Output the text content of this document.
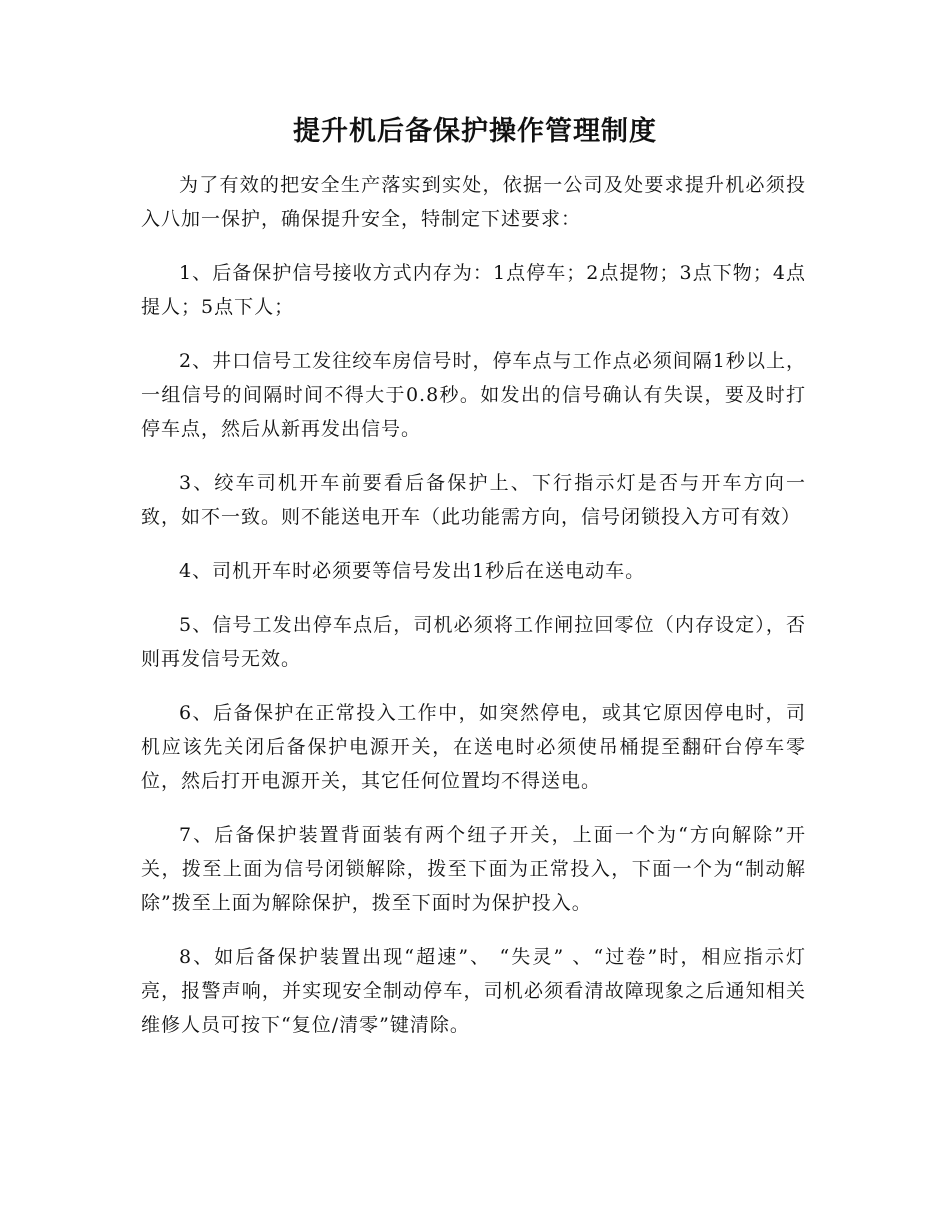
提升机后备保护操作管理制度

为了有效的把安全生产落实到实处，依据一公司及处要求提升机必须投入八加一保护，确保提升安全，特制定下述要求：

1、后备保护信号接收方式内存为：1点停车；2点提物；3点下物；4点提人；5点下人；

2、井口信号工发往绞车房信号时，停车点与工作点必须间隔1秒以上，一组信号的间隔时间不得大于0.8秒。如发出的信号确认有失误，要及时打停车点，然后从新再发出信号。

3、绞车司机开车前要看后备保护上、下行指示灯是否与开车方向一致，如不一致。则不能送电开车（此功能需方向，信号闭锁投入方可有效）

4、司机开车时必须要等信号发出1秒后在送电动车。

5、信号工发出停车点后，司机必须将工作闸拉回零位（内存设定），否则再发信号无效。

6、后备保护在正常投入工作中，如突然停电，或其它原因停电时，司机应该先关闭后备保护电源开关，在送电时必须使吊桶提至翻矸台停车零位，然后打开电源开关，其它任何位置均不得送电。

7、后备保护装置背面装有两个纽子开关，上面一个为“方向解除”开关，拨至上面为信号闭锁解除，拨至下面为正常投入，下面一个为“制动解除”拨至上面为解除保护，拨至下面时为保护投入。

8、如后备保护装置出现“超速”、 “失灵” 、“过卷”时，相应指示灯亮，报警声响，并实现安全制动停车，司机必须看清故障现象之后通知相关维修人员可按下“复位/清零”键清除。
